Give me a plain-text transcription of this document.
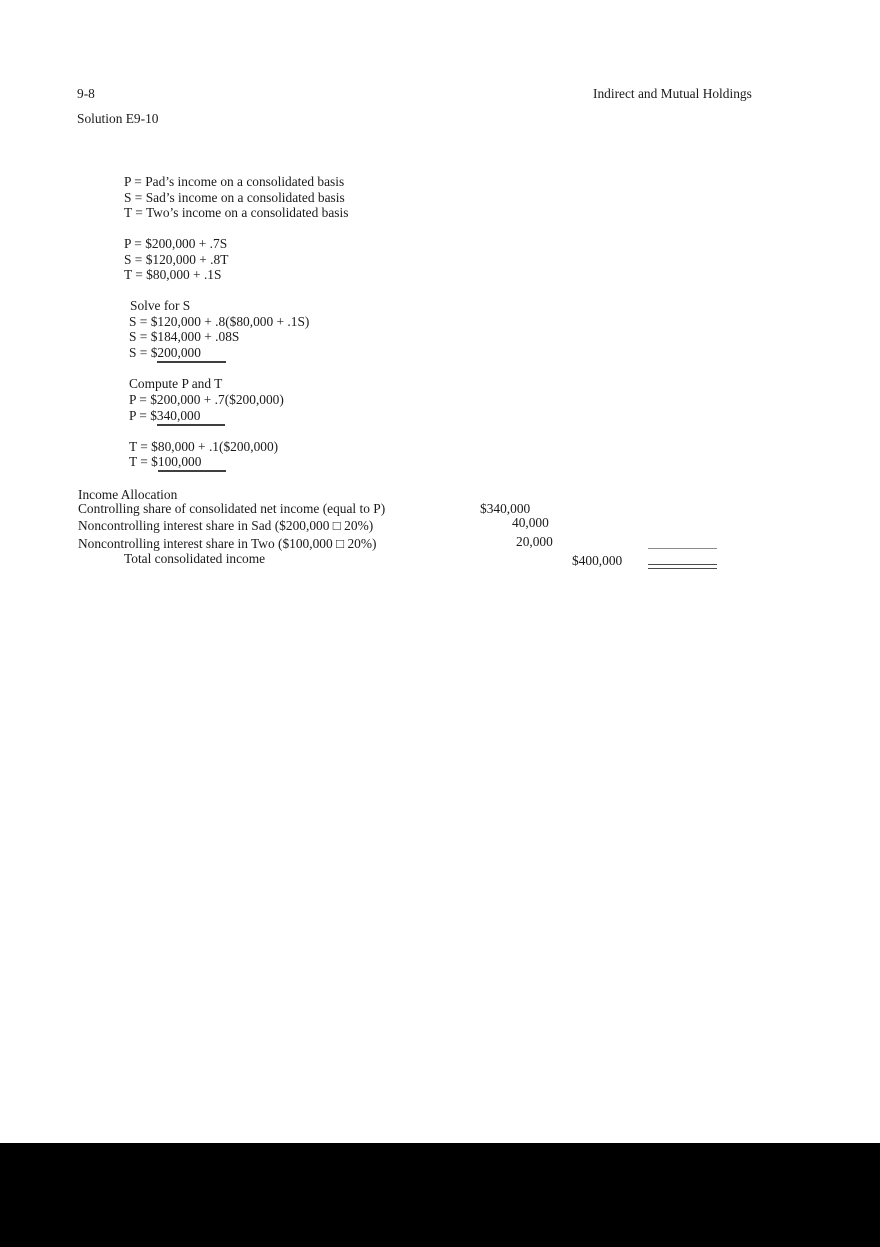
9-8	Indirect and Mutual Holdings
Solution E9-10
P = Pad’s income on a consolidated basis
S = Sad’s income on a consolidated basis
T = Two’s income on a consolidated basis
P = $200,000 + .7S
S = $120,000 + .8T
T = $80,000 + .1S
Solve for S
S = $120,000 + .8($80,000 + .1S)
S = $184,000 + .08S
S = $200,000
Compute P and T
P = $200,000 + .7($200,000)
P = $340,000
T = $80,000 + .1($200,000)
T = $100,000
Income Allocation
Controlling share of consolidated net income (equal to P)	$340,000
Noncontrolling interest share in Sad ($200,000 □ 20%)	40,000
Noncontrolling interest share in Two ($100,000 □ 20%)	20,000
Total consolidated income	$400,000
